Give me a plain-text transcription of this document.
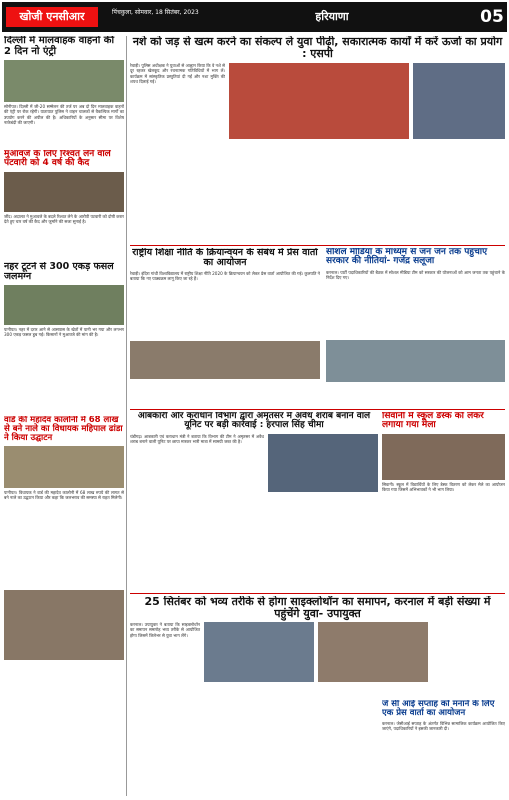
खोजी एनसीआर	पिंचकुला, सोमवार, 18 सितंबर, 2023	हरियाणा	05
दिल्ली में मालवाहक वाहनों की 2 दिन नो एंट्री
सोनीपत। दिल्ली में जी-20 सम्मेलन की तर्ज पर अब दो दिन मालवाहक वाहनों की एंट्री पर रोक रहेगी। यातायात पुलिस ने वाहन चालकों से वैकल्पिक मार्गों का उपयोग करने की अपील की है। अधिकारियों के अनुसार सीमा पर विशेष नाकेबंदी की जाएगी।
नशे को जड़ से खत्म करने का संकल्प ले युवा पीढ़ी, सकारात्मक कार्यों में करें ऊर्जा का प्रयोग : एसपी
रेवाड़ी। पुलिस अधीक्षक ने युवाओं से आह्वान किया कि वे नशे से दूर रहकर खेलकूद और रचनात्मक गतिविधियों में भाग लें। कार्यक्रम में सांस्कृतिक प्रस्तुतियां दी गईं और नशा मुक्ति की शपथ दिलाई गई।
मुआवजे के लिए रिश्वत लेने वाले पटवारी को 4 वर्ष की कैद
जींद। अदालत ने मुआवजे के बदले रिश्वत लेने के आरोपी पटवारी को दोषी करार देते हुए चार वर्ष की कैद और जुर्माने की सजा सुनाई है।
राष्ट्रीय शिक्षा नीति के क्रियान्वयन के संबंध में प्रेस वार्ता का आयोजन
रेवाड़ी। इंदिरा गांधी विश्वविद्यालय में राष्ट्रीय शिक्षा नीति 2020 के क्रियान्वयन को लेकर प्रेस वार्ता आयोजित की गई। कुलपति ने बताया कि नए पाठ्यक्रम लागू किए जा रहे हैं।
सोशल मीडिया के माध्यम से जन जन तक पहुंचाएं सरकार की नीतियां- गजेंद्र सलूजा
करनाल। पार्टी पदाधिकारियों की बैठक में सोशल मीडिया टीम को सरकार की योजनाओं को आम जनता तक पहुंचाने के निर्देश दिए गए।
नहर टूटने से 300 एकड़ फसल जलमग्न
पानीपत। नहर में दरार आने से आसपास के खेतों में पानी भर गया और लगभग 300 एकड़ फसल डूब गई। किसानों ने मुआवजे की मांग की है।
वार्ड की महादेव कालोनी में 68 लाख से बने नाले का विधायक महिपाल ढांडा ने किया उद्घाटन
पानीपत। विधायक ने वार्ड की महादेव कालोनी में 68 लाख रुपये की लागत से बने नाले का उद्घाटन किया और कहा कि जलभराव की समस्या से राहत मिलेगी।
आबकारी और कराधान विभाग द्वारा अमृतसर में अवैध शराब बनाने वाले यूनिट पर बड़ी कार्रवाई : हरपाल सिंह चीमा
चंडीगढ़। आबकारी एवं कराधान मंत्री ने बताया कि विभाग की टीम ने अमृतसर में अवैध शराब बनाने वाली यूनिट पर छापा मारकर भारी मात्रा में सामग्री जब्त की है।
सिवानी में स्कूल डेस्क को लेकर लगाया गया मेला
सिवानी। स्कूल में विद्यार्थियों के लिए डेस्क वितरण को लेकर मेले का आयोजन किया गया जिसमें अभिभावकों ने भी भाग लिया।
25 सितंबर को भव्य तरीके से होगा साइक्लोथॉन का समापन, करनाल में बड़ी संख्या में पहुंचेंगे युवा- उपायुक्त
करनाल। उपायुक्त ने बताया कि साइक्लोथॉन का समापन समारोह भव्य तरीके से आयोजित होगा जिसमें जिलेभर से युवा भाग लेंगे।
जे सी आई सप्ताह को मनाने के लिए एक प्रेस वार्ता का आयोजन
करनाल। जेसीआई सप्ताह के अंतर्गत विभिन्न सामाजिक कार्यक्रम आयोजित किए जाएंगे, पदाधिकारियों ने इसकी जानकारी दी।
